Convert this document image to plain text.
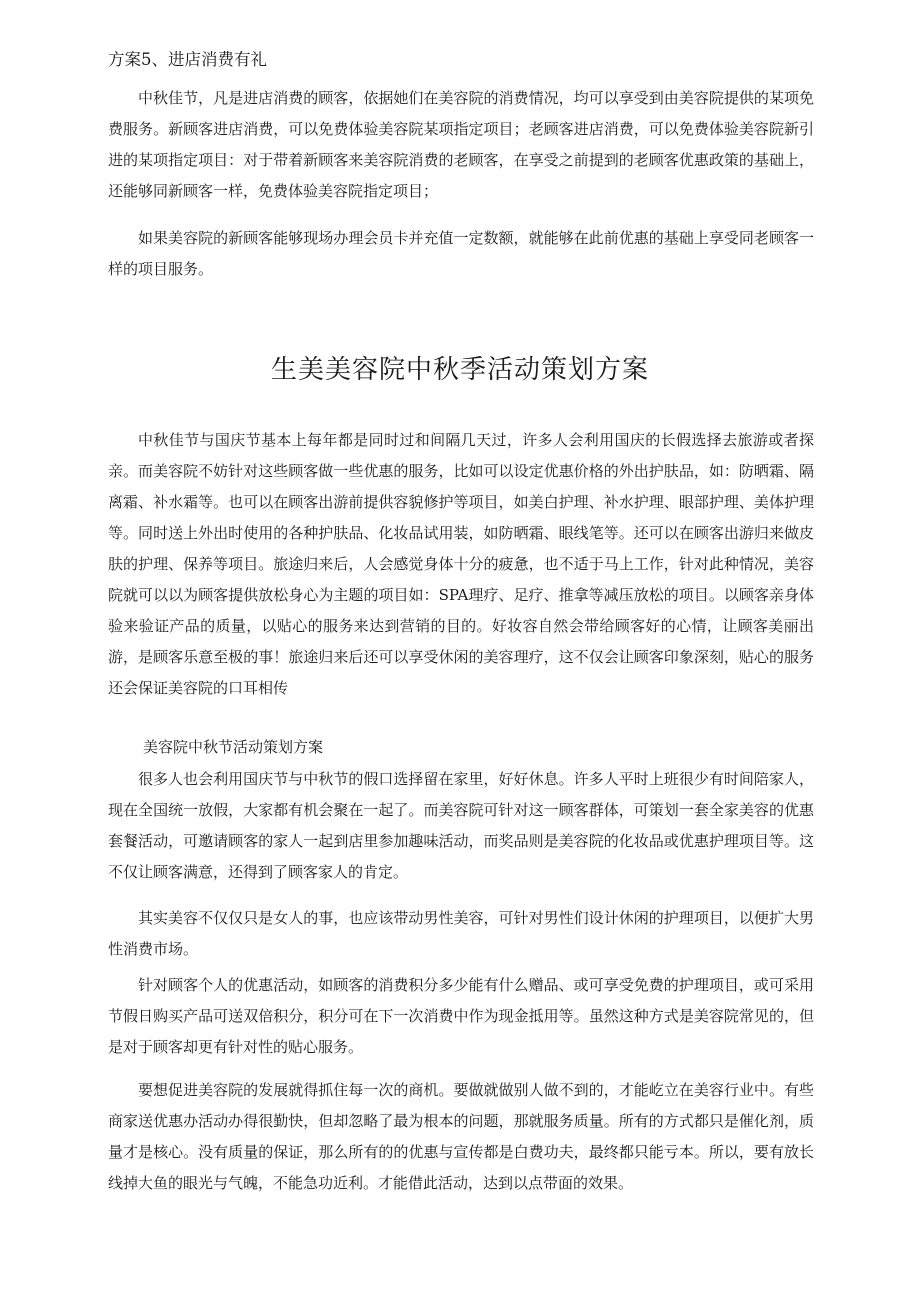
方案5、进店消费有礼

中秋佳节，凡是进店消费的顾客，依据她们在美容院的消费情况，均可以享受到由美容院提供的某项免费服务。新顾客进店消费，可以免费体验美容院某项指定项目；老顾客进店消费，可以免费体验美容院新引进的某项指定项目：对于带着新顾客来美容院消费的老顾客，在享受之前提到的老顾客优惠政策的基础上，还能够同新顾客一样，免费体验美容院指定项目；

如果美容院的新顾客能够现场办理会员卡并充值一定数额，就能够在此前优惠的基础上享受同老顾客一样的项目服务。

生美美容院中秋季活动策划方案

中秋佳节与国庆节基本上每年都是同时过和间隔几天过，许多人会利用国庆的长假选择去旅游或者探亲。而美容院不妨针对这些顾客做一些优惠的服务，比如可以设定优惠价格的外出护肤品，如：防晒霜、隔离霜、补水霜等。也可以在顾客出游前提供容貌修护等项目，如美白护理、补水护理、眼部护理、美体护理等。同时送上外出时使用的各种护肤品、化妆品试用装，如防晒霜、眼线笔等。还可以在顾客出游归来做皮肤的护理、保养等项目。旅途归来后，人会感觉身体十分的疲惫，也不适于马上工作，针对此种情况，美容院就可以以为顾客提供放松身心为主题的项目如：SPA理疗、足疗、推拿等减压放松的项目。以顾客亲身体验来验证产品的质量，以贴心的服务来达到营销的目的。好妆容自然会带给顾客好的心情，让顾客美丽出游，是顾客乐意至极的事！旅途归来后还可以享受休闲的美容理疗，这不仅会让顾客印象深刻，贴心的服务还会保证美容院的口耳相传

美容院中秋节活动策划方案

很多人也会利用国庆节与中秋节的假口选择留在家里，好好休息。许多人平时上班很少有时间陪家人，现在全国统一放假，大家都有机会聚在一起了。而美容院可针对这一顾客群体，可策划一套全家美容的优惠套餐活动，可邀请顾客的家人一起到店里参加趣味活动，而奖品则是美容院的化妆品或优惠护理项目等。这不仅让顾客满意，还得到了顾客家人的肯定。

其实美容不仅仅只是女人的事，也应该带动男性美容，可针对男性们设计休闲的护理项目，以便扩大男性消费市场。

针对顾客个人的优惠活动，如顾客的消费积分多少能有什么赠品、或可享受免费的护理项目，或可采用节假日购买产品可送双倍积分，积分可在下一次消费中作为现金抵用等。虽然这种方式是美容院常见的，但是对于顾客却更有针对性的贴心服务。

要想促进美容院的发展就得抓住每一次的商机。要做就做别人做不到的，才能屹立在美容行业中。有些商家送优惠办活动办得很勤快，但却忽略了最为根本的问题，那就服务质量。所有的方式都只是催化剂，质量才是核心。没有质量的保证，那么所有的的优惠与宣传都是白费功夫，最终都只能亏本。所以，要有放长线掉大鱼的眼光与气魄，不能急功近利。才能借此活动，达到以点带面的效果。
